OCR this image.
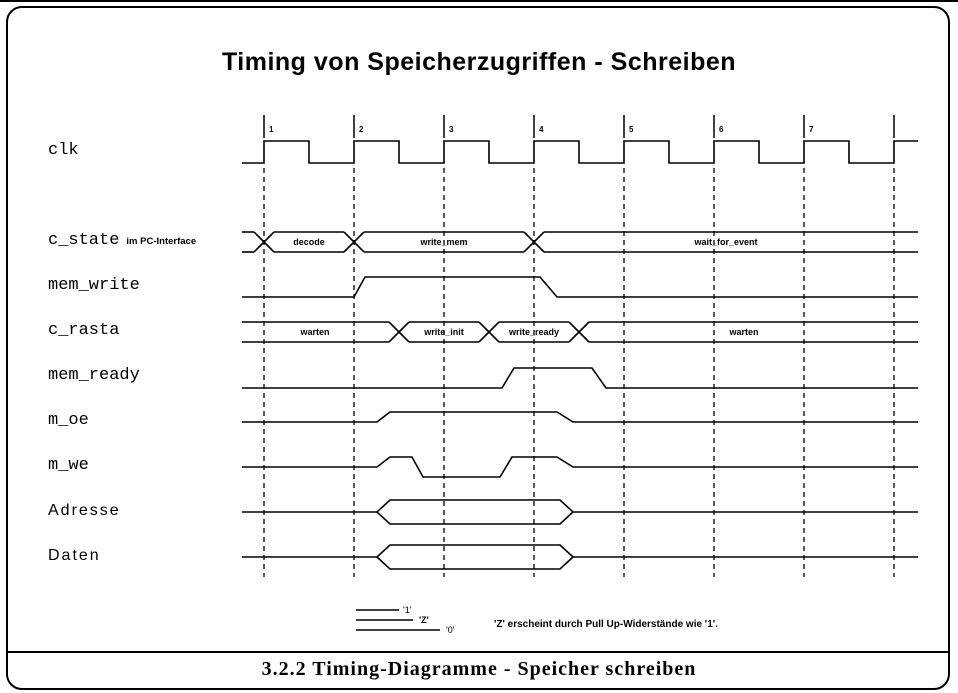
1	2	3	4	5	6	7
decode	write_mem	wait_for_event
warten	write_init	write_ready	warten
'1'
'Z'
'0'
Timing von Speicherzugriffen - Schreiben
clk
c_state im PC-Interface
mem_write
c_rasta
mem_ready
m_oe
m_we
Adresse
Daten
'Z' erscheint durch Pull Up-Widerstände wie '1'.
3.2.2 Timing-Diagramme - Speicher schreiben
